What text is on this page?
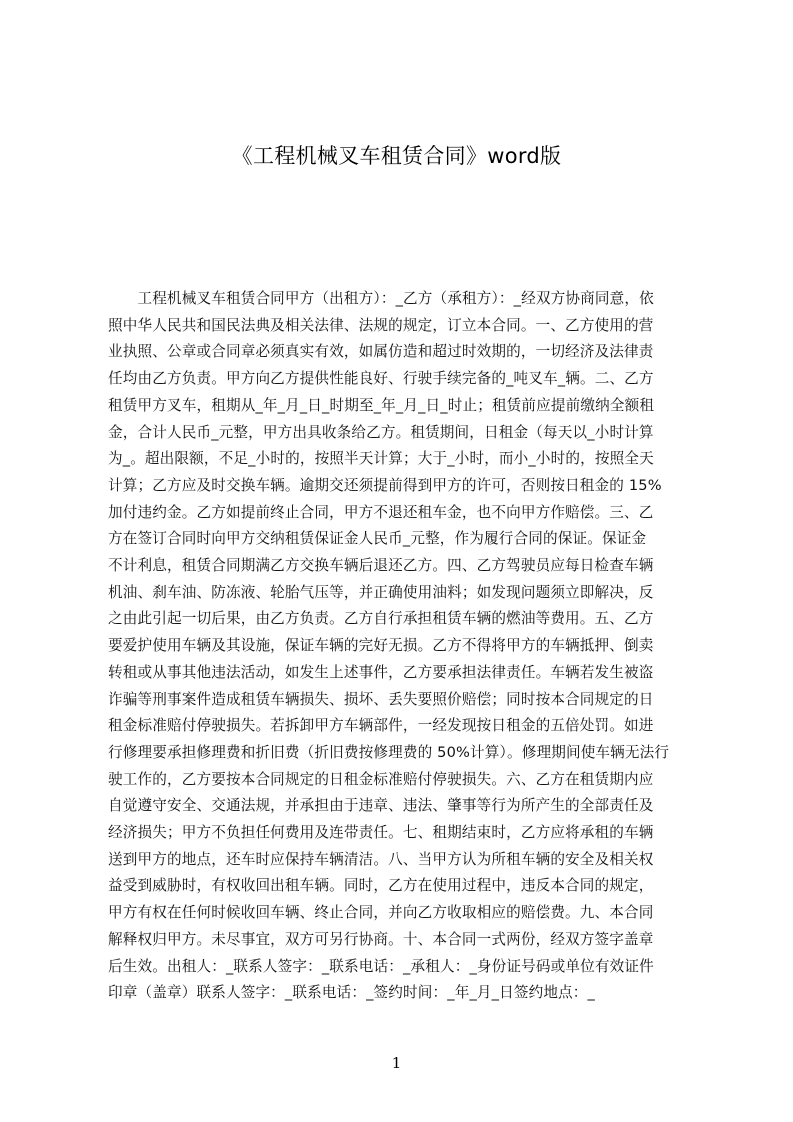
《工程机械叉车租赁合同》word版
　　工程机械叉车租赁合同甲方（出租方）：_乙方（承租方）：_经双方协商同意，依
照中华人民共和国民法典及相关法律、法规的规定，订立本合同。一、乙方使用的营
业执照、公章或合同章必须真实有效，如属仿造和超过时效期的，一切经济及法律责
任均由乙方负责。甲方向乙方提供性能良好、行驶手续完备的_吨叉车_辆。二、乙方
租赁甲方叉车，租期从_年_月_日_时期至_年_月_日_时止；租赁前应提前缴纳全额租
金，合计人民币_元整，甲方出具收条给乙方。租赁期间，日租金（每天以_小时计算
为_。超出限额，不足_小时的，按照半天计算；大于_小时，而小_小时的，按照全天
计算；乙方应及时交换车辆。逾期交还须提前得到甲方的许可，否则按日租金的 15%
加付违约金。乙方如提前终止合同，甲方不退还租车金，也不向甲方作赔偿。三、乙
方在签订合同时向甲方交纳租赁保证金人民币_元整，作为履行合同的保证。保证金
不计利息，租赁合同期满乙方交换车辆后退还乙方。四、乙方驾驶员应每日检查车辆
机油、刹车油、防冻液、轮胎气压等，并正确使用油料；如发现问题须立即解决，反
之由此引起一切后果，由乙方负责。乙方自行承担租赁车辆的燃油等费用。五、乙方
要爱护使用车辆及其设施，保证车辆的完好无损。乙方不得将甲方的车辆抵押、倒卖
转租或从事其他违法活动，如发生上述事件，乙方要承担法律责任。车辆若发生被盗
诈骗等刑事案件造成租赁车辆损失、损坏、丢失要照价赔偿；同时按本合同规定的日
租金标准赔付停驶损失。若拆卸甲方车辆部件，一经发现按日租金的五倍处罚。如进
行修理要承担修理费和折旧费（折旧费按修理费的 50%计算）。修理期间使车辆无法行
驶工作的，乙方要按本合同规定的日租金标准赔付停驶损失。六、乙方在租赁期内应
自觉遵守安全、交通法规，并承担由于违章、违法、肇事等行为所产生的全部责任及
经济损失；甲方不负担任何费用及连带责任。七、租期结束时，乙方应将承租的车辆
送到甲方的地点，还车时应保持车辆清洁。八、当甲方认为所租车辆的安全及相关权
益受到威胁时，有权收回出租车辆。同时，乙方在使用过程中，违反本合同的规定，
甲方有权在任何时候收回车辆、终止合同，并向乙方收取相应的赔偿费。九、本合同
解释权归甲方。未尽事宜，双方可另行协商。十、本合同一式两份，经双方签字盖章
后生效。出租人：_联系人签字：_联系电话：_承租人：_身份证号码或单位有效证件
印章（盖章）联系人签字：_联系电话：_签约时间：_年_月_日签约地点：_
1
